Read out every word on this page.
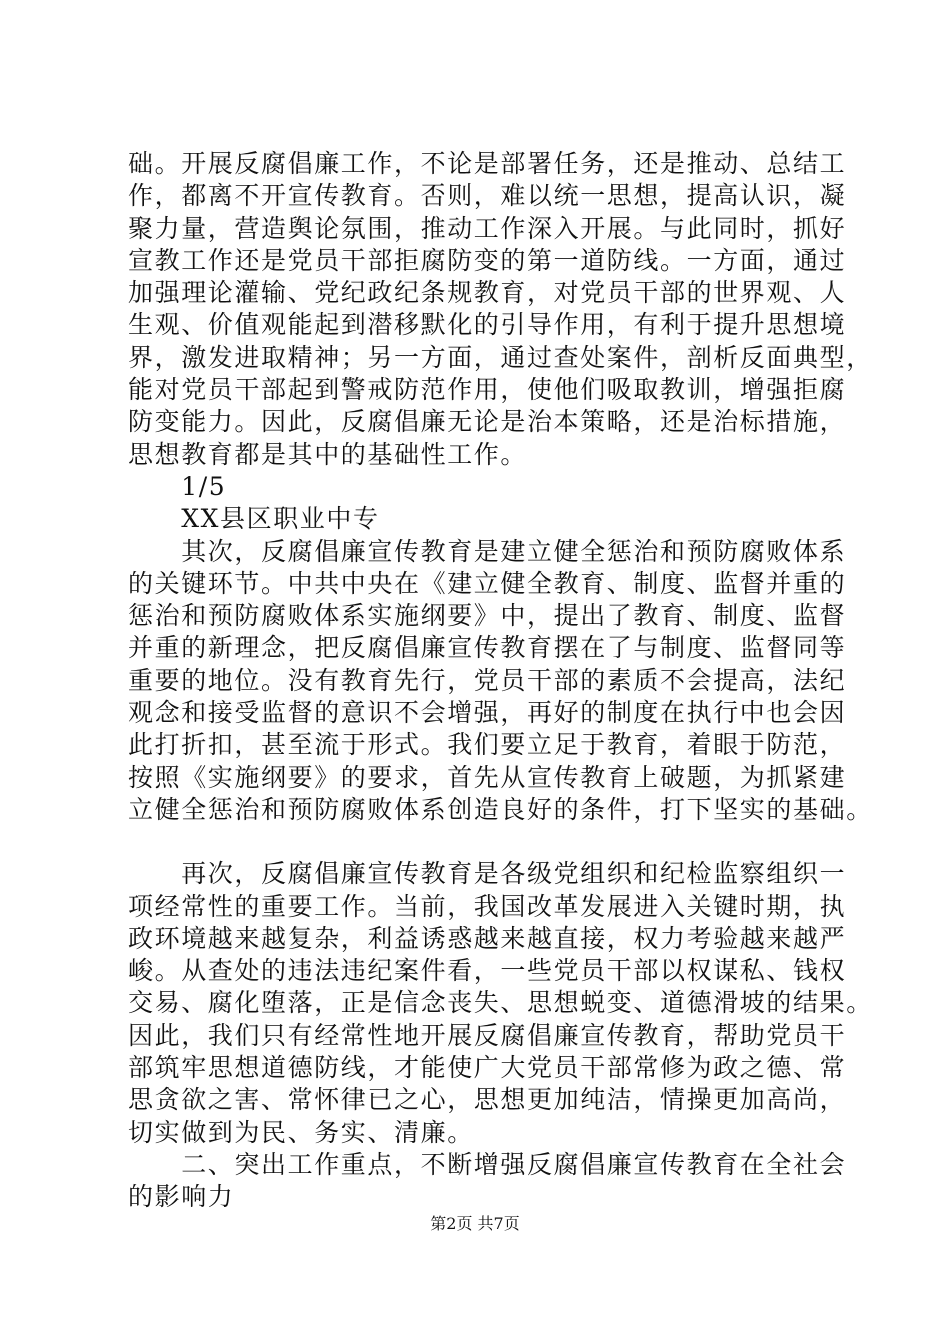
础。开展反腐倡廉工作，不论是部署任务，还是推动、总结工
作，都离不开宣传教育。否则，难以统一思想，提高认识，凝
聚力量，营造舆论氛围，推动工作深入开展。与此同时，抓好
宣教工作还是党员干部拒腐防变的第一道防线。一方面，通过
加强理论灌输、党纪政纪条规教育，对党员干部的世界观、人
生观、价值观能起到潜移默化的引导作用，有利于提升思想境
界，激发进取精神；另一方面，通过查处案件，剖析反面典型，
能对党员干部起到警戒防范作用，使他们吸取教训，增强拒腐
防变能力。因此，反腐倡廉无论是治本策略，还是治标措施，
思想教育都是其中的基础性工作。
　　1/5
　　XX县区职业中专
　　其次，反腐倡廉宣传教育是建立健全惩治和预防腐败体系
的关键环节。中共中央在《建立健全教育、制度、监督并重的
惩治和预防腐败体系实施纲要》中，提出了教育、制度、监督
并重的新理念，把反腐倡廉宣传教育摆在了与制度、监督同等
重要的地位。没有教育先行，党员干部的素质不会提高，法纪
观念和接受监督的意识不会增强，再好的制度在执行中也会因
此打折扣，甚至流于形式。我们要立足于教育，着眼于防范，
按照《实施纲要》的要求，首先从宣传教育上破题，为抓紧建
立健全惩治和预防腐败体系创造良好的条件，打下坚实的基础。
　　再次，反腐倡廉宣传教育是各级党组织和纪检监察组织一
项经常性的重要工作。当前，我国改革发展进入关键时期，执
政环境越来越复杂，利益诱惑越来越直接，权力考验越来越严
峻。从查处的违法违纪案件看，一些党员干部以权谋私、钱权
交易、腐化堕落，正是信念丧失、思想蜕变、道德滑坡的结果。
因此，我们只有经常性地开展反腐倡廉宣传教育，帮助党员干
部筑牢思想道德防线，才能使广大党员干部常修为政之德、常
思贪欲之害、常怀律已之心，思想更加纯洁，情操更加高尚，
切实做到为民、务实、清廉。
　　二、突出工作重点，不断增强反腐倡廉宣传教育在全社会
的影响力
第2页 共7页
